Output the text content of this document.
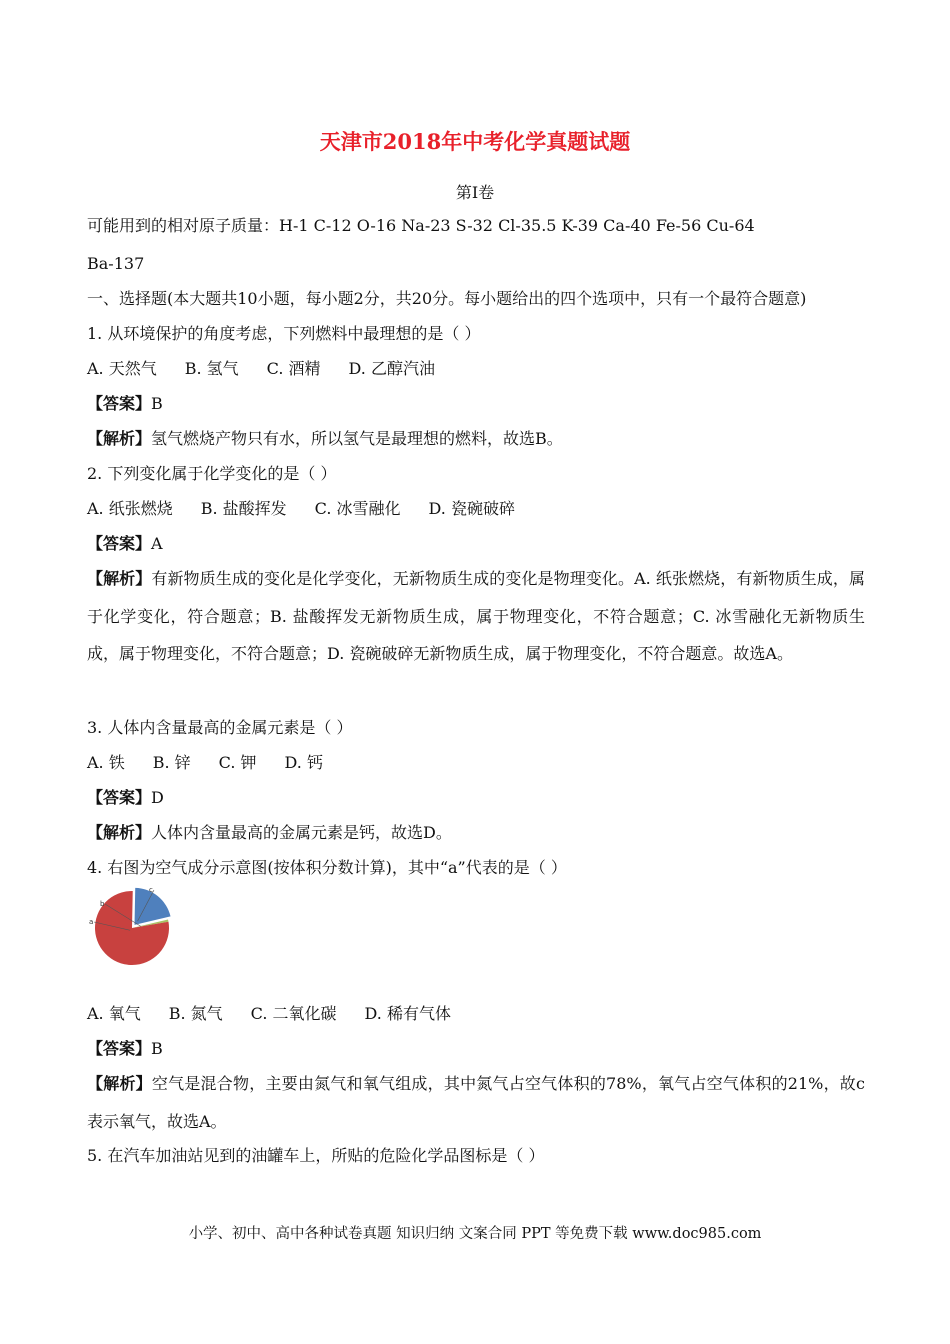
天津市2018年中考化学真题试题
第Ⅰ卷
可能用到的相对原子质量：H-1 C-12 O-16 Na-23 S-32 Cl-35.5 K-39 Ca-40 Fe-56 Cu-64
Ba-137
一、选择题(本大题共10小题，每小题2分，共20分。每小题给出的四个选项中，只有一个最符合题意)
1. 从环境保护的角度考虑，下列燃料中最理想的是（ ）
A. 天然气 B. 氢气 C. 酒精 D. 乙醇汽油
【答案】B
【解析】氢气燃烧产物只有水，所以氢气是最理想的燃料，故选B。
2. 下列变化属于化学变化的是（ ）
A. 纸张燃烧 B. 盐酸挥发 C. 冰雪融化 D. 瓷碗破碎
【答案】A
【解析】有新物质生成的变化是化学变化，无新物质生成的变化是物理变化。A. 纸张燃烧，有新物质生成，属于化学变化，符合题意；B. 盐酸挥发无新物质生成，属于物理变化，不符合题意；C. 冰雪融化无新物质生成，属于物理变化，不符合题意；D. 瓷碗破碎无新物质生成，属于物理变化，不符合题意。故选A。
3. 人体内含量最高的金属元素是（ ）
A. 铁 B. 锌 C. 钾 D. 钙
【答案】D
【解析】人体内含量最高的金属元素是钙，故选D。
4. 右图为空气成分示意图(按体积分数计算)，其中“a”代表的是（ ）
a
b
c
A. 氧气 B. 氮气 C. 二氧化碳 D. 稀有气体
【答案】B
【解析】空气是混合物，主要由氮气和氧气组成，其中氮气占空气体积的78%，氧气占空气体积的21%，故c表示氧气，故选A。
5. 在汽车加油站见到的油罐车上，所贴的危险化学品图标是（ ）
小学、初中、高中各种试卷真题 知识归纳 文案合同 PPT 等免费下载 www.doc985.com
